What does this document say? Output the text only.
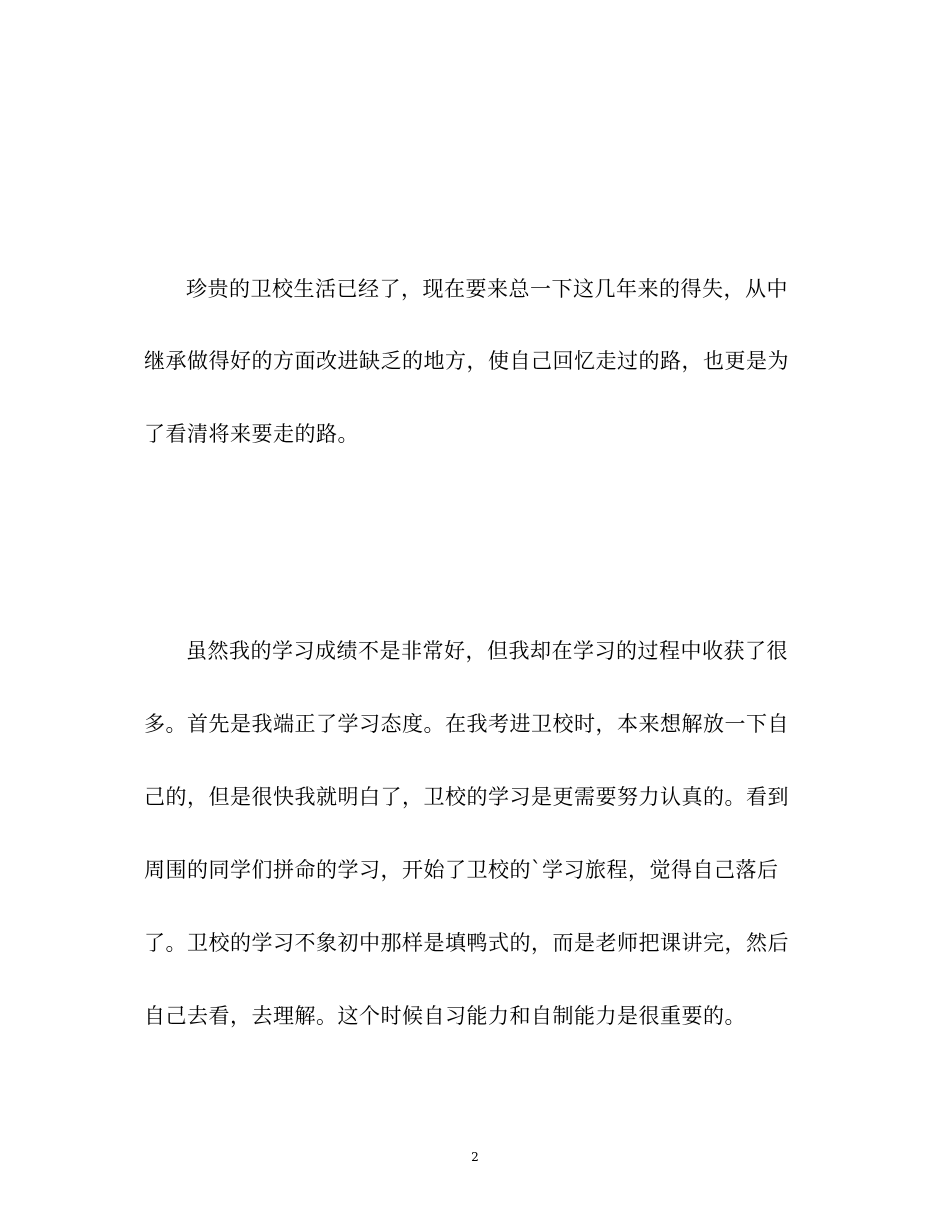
珍贵的卫校生活已经了，现在要来总一下这几年来的得失，从中
继承做得好的方面改进缺乏的地方，使自己回忆走过的路，也更是为
了看清将来要走的路。
虽然我的学习成绩不是非常好，但我却在学习的过程中收获了很
多。首先是我端正了学习态度。在我考进卫校时，本来想解放一下自
己的，但是很快我就明白了，卫校的学习是更需要努力认真的。看到
周围的同学们拼命的学习，开始了卫校的`学习旅程，觉得自己落后
了。卫校的学习不象初中那样是填鸭式的，而是老师把课讲完，然后
自己去看，去理解。这个时候自习能力和自制能力是很重要的。
2
